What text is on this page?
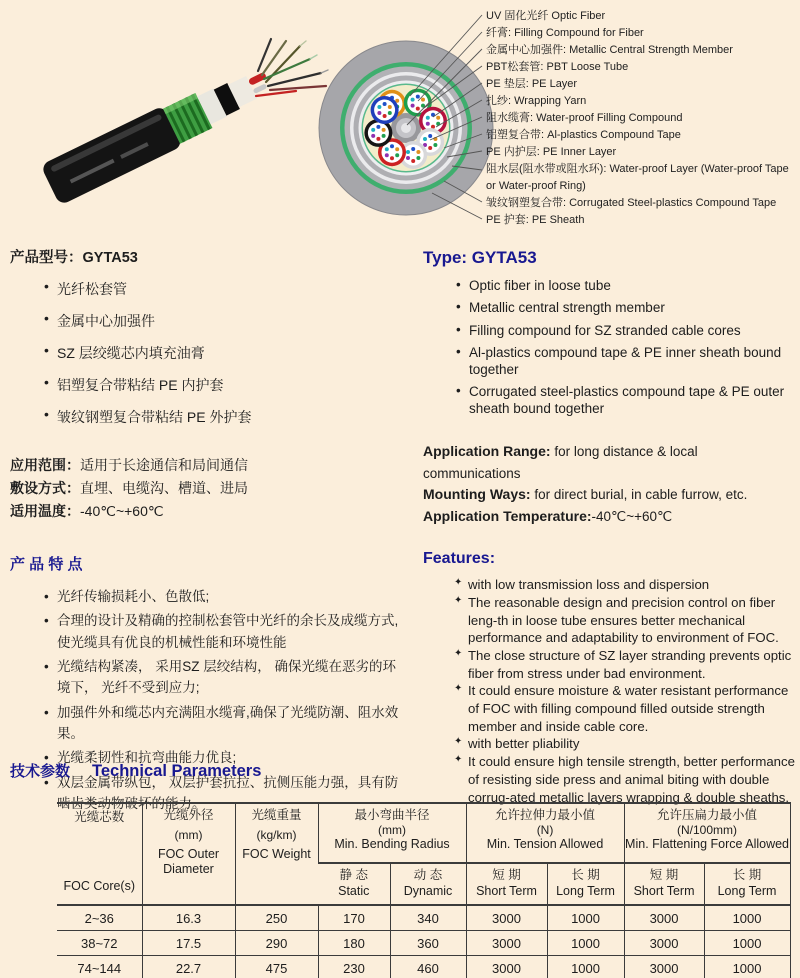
UV 固化光纤 Optic Fiber
纤膏: Filling Compound for Fiber
金属中心加强件: Metallic Central Strength Member
PBT松套管: PBT Loose Tube
PE 垫层: PE Layer
扎纱: Wrapping Yarn
阻水缆膏: Water-proof Filling Compound
铝塑复合带: Al-plastics Compound Tape
PE 内护层: PE Inner Layer
阻水层(阻水带或阻水环): Water-proof Layer (Water-proof Tape or Water-proof Ring)
皱纹钢塑复合带: Corrugated Steel-plastics Compound Tape
PE 护套: PE Sheath

产品型号：GYTA53

• 光纤松套管
• 金属中心加强件
• SZ 层绞缆芯内填充油膏
• 铝塑复合带粘结 PE 内护套
• 皱纹钢塑复合带粘结 PE 外护套
应用范围：适用于长途通信和局间通信
敷设方式：直埋、电缆沟、槽道、进局
适用温度：-40℃~+60℃
产 品 特 点
• 光纤传输损耗小、色散低;
• 合理的设计及精确的控制松套管中光纤的余长及成缆方式,使光缆具有优良的机械性能和环境性能
• 光缆结构紧凑， 采用SZ 层绞结构， 确保光缆在恶劣的环境下， 光纤不受到应力;
• 加强件外和缆芯内充满阻水缆膏,确保了光缆防潮、阻水效果。
• 光缆柔韧性和抗弯曲能力优良;
• 双层金属带纵包， 双层护套抗拉、抗侧压能力强，具有防啮齿类动物破坏的能力。

Type: GYTA53

• Optic fiber in loose tube
• Metallic central strength member
• Filling compound for SZ stranded cable cores
• Al-plastics compound tape & PE inner sheath bound together
• Corrugated steel-plastics compound tape & PE outer sheath bound together
Application Range: for long distance & local communications
Mounting Ways: for direct burial, in cable furrow, etc.
Application Temperature:-40℃~+60℃
Features:
✦ with low transmission loss and dispersion
✦ The reasonable design and precision control on fiber leng-th in loose tube ensures better mechanical performance and adaptability to environment of FOC.
✦ The close structure of SZ layer stranding prevents optic fiber from stress under bad environment.
✦ It could ensure moisture & water resistant performance of FOC with filling compound filled outside strength member and inside cable core.
✦ with better pliability
✦ It could ensure high tensile strength, better performance of resisting side press and animal biting with double corrug-ated metallic layers wrapping & double sheaths.
技术参数 Technical Parameters
光缆芯数
FOC Core(s)	光缆外径
(mm)
FOC Outer Diameter	光缆重量
(kg/km)
FOC Weight	最小弯曲半径
(mm)
Min. Bending Radius		允许拉伸力最小值
(N)
Min. Tension Allowed		允许压扁力最小值
(N/100mm)
Min. Flattening Force Allowed	

			静 态
Static	动 态
Dynamic	短 期
Short Term	长 期
Long Term	短 期
Short Term	长 期
Long Term

2~36	16.3	250	170	340	3000	1000	3000	1000
38~72	17.5	290	180	360	3000	1000	3000	1000
74~144	22.7	475	230	460	3000	1000	3000	1000
